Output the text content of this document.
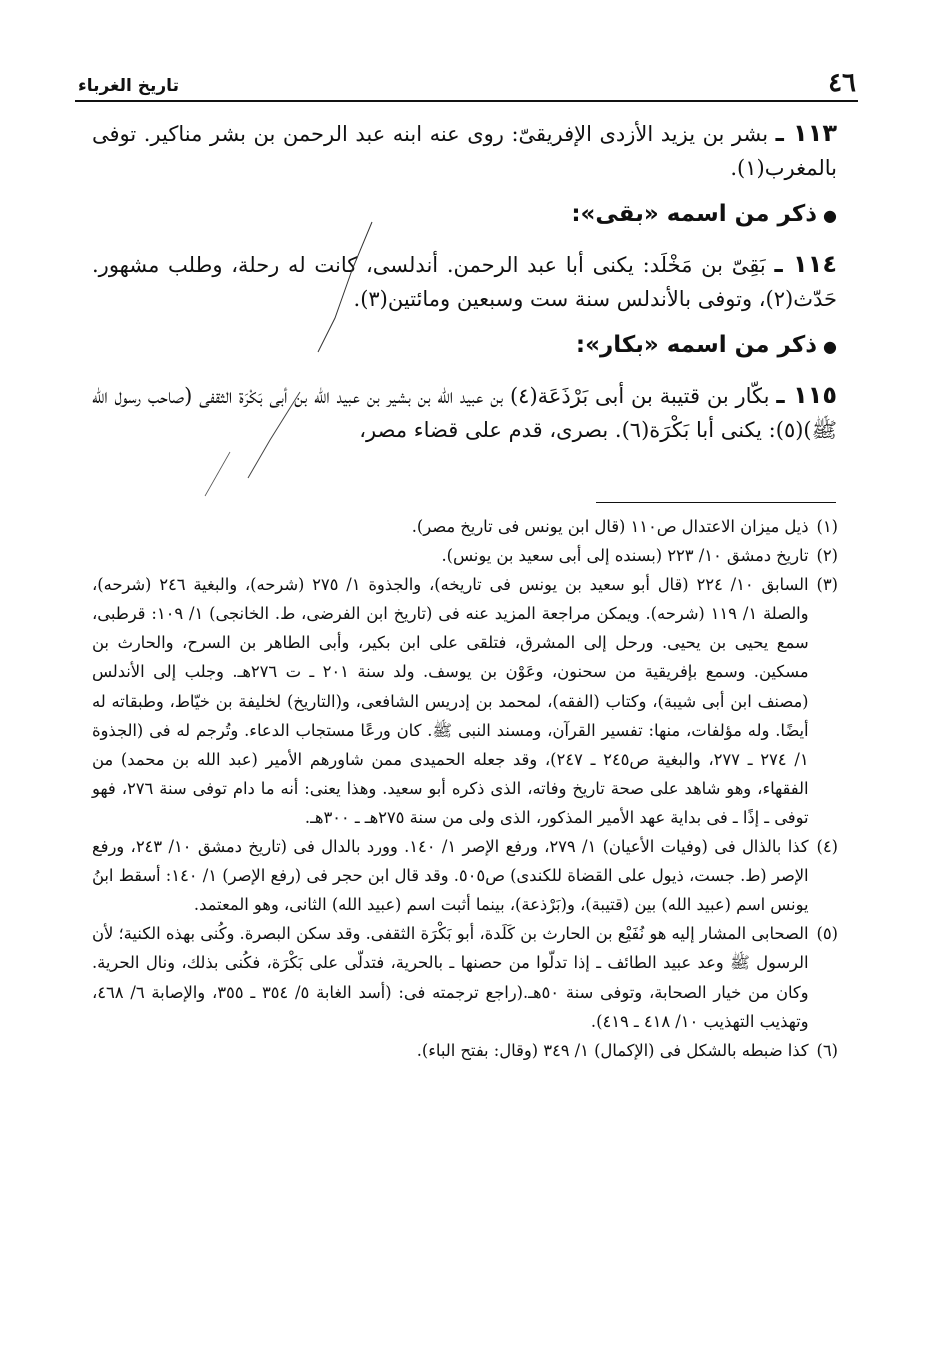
٤٦
تاريخ الغرباء

١١٣ ـ بشر بن يزيد الأزدى الإفريقىّ: روى عنه ابنه عبد الرحمن بن بشر مناكير. توفى بالمغرب(١).

●ذكر من اسمه «بقى»:

١١٤ ـ بَقِىّ بن مَخْلَد: يكنى أبا عبد الرحمن. أندلسى، كانت له رحلة، وطلب مشهور. حَدّث(٢)، وتوفى بالأندلس سنة ست وسبعين ومائتين(٣).

●ذكر من اسمه «بكار»:

١١٥ ـ بكّار بن قتيبة بن أبى بَرْذَعَة(٤) بن عبيد الله بن بشير بن عبيد الله بن أبى بَكْرَة الثقفى (صاحب رسول الله ﷺ)(٥): يكنى أبا بَكْرَة(٦). بصرى، قدم على قضاء مصر،

(١)
ذيل ميزان الاعتدال ص١١٠ (قال ابن يونس فى تاريخ مصر).
(٢)
تاريخ دمشق ١٠/ ٢٢٣ (بسنده إلى أبى سعيد بن يونس).
(٣)
السابق ١٠/ ٢٢٤ (قال أبو سعيد بن يونس فى تاريخه)، والجذوة ١/ ٢٧٥ (شرحه)، والبغية ٢٤٦ (شرحه)، والصلة ١/ ١١٩ (شرحه). ويمكن مراجعة المزيد عنه فى (تاريخ ابن الفرضى، ط. الخانجى) ١/ ١٠٩: قرطبى، سمع يحيى بن يحيى. ورحل إلى المشرق، فتلقى على ابن بكير، وأبى الطاهر بن السرح، والحارث بن مسكين. وسمع بإفريقية من سحنون، وعَوْن بن يوسف. ولد سنة ٢٠١ ـ ت ٢٧٦هـ. وجلب إلى الأندلس (مصنف ابن أبى شيبة)، وكتاب (الفقه)، لمحمد بن إدريس الشافعى، و(التاريخ) لخليفة بن خيّاط، وطبقاته له أيضًا. وله مؤلفات، منها: تفسير القرآن، ومسند النبى ﷺ. كان ورعًا مستجاب الدعاء. وتُرجم له فى (الجذوة ١/ ٢٧٤ ـ ٢٧٧، والبغية ص٢٤٥ ـ ٢٤٧)، وقد جعله الحميدى ممن شاورهم الأمير (عبد الله بن محمد) من الفقهاء، وهو شاهد على صحة تاريخ وفاته، الذى ذكره أبو سعيد. وهذا يعنى: أنه ما دام توفى سنة ٢٧٦، فهو توفى ـ إذًا ـ فى بداية عهد الأمير المذكور، الذى ولى من سنة ٢٧٥هـ ـ ٣٠٠هـ.
(٤)
كذا بالذال فى (وفيات الأعيان) ١/ ٢٧٩، ورفع الإصر ١/ ١٤٠. وورد بالدال فى (تاريخ دمشق ١٠/ ٢٤٣، ورفع الإصر (ط. جست، ذيول على القضاة للكندى) ص٥٠٥. وقد قال ابن حجر فى (رفع الإصر) ١/ ١٤٠: أسقط ابنُ يونس اسم (عبيد الله) بين (قتيبة)، و(بَرْذعة)، بينما أثبت اسم (عبيد الله) الثانى، وهو المعتمد.
(٥)
الصحابى المشار إليه هو نُفَيْع بن الحارث بن كَلَدة، أبو بَكْرَة الثقفى. وقد سكن البصرة. وكُنى بهذه الكنية؛ لأن الرسول ﷺ وعد عبيد الطائف ـ إذا تدلّوا من حصنها ـ بالحرية، فتدلّى على بَكْرَة، فكُنى بذلك، ونال الحرية. وكان من خيار الصحابة، وتوفى سنة ٥٠هـ.(راجع ترجمته فى: (أسد الغابة ٥/ ٣٥٤ ـ ٣٥٥، والإصابة ٦/ ٤٦٨، وتهذيب التهذيب ١٠/ ٤١٨ ـ ٤١٩).
(٦)
كذا ضبطه بالشكل فى (الإكمال) ١/ ٣٤٩ (وقال: بفتح الباء).
